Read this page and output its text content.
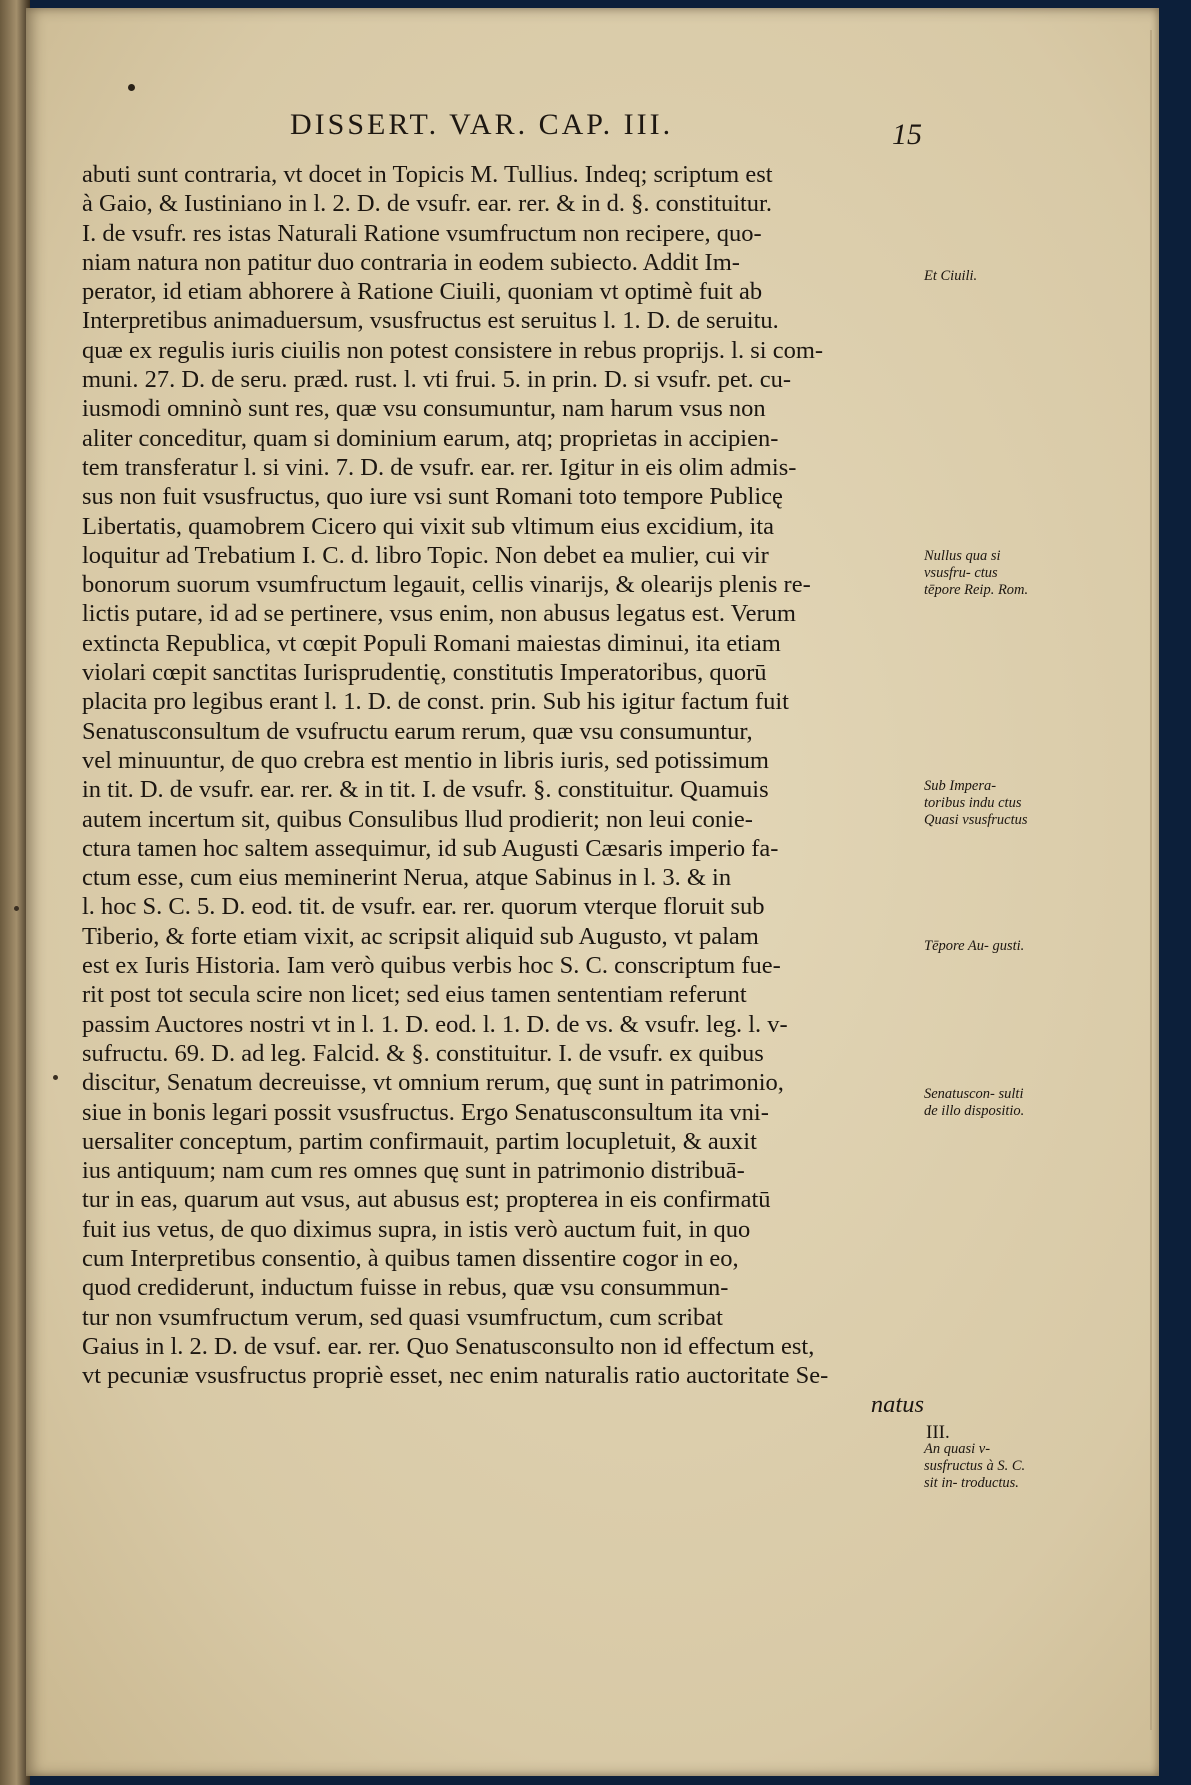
DISSERT. VAR. CAP. III.	15
abuti sunt contraria, vt docet in Topicis M. Tullius. Indeq; scriptum est
à Gaio, & Iustiniano in l. 2. D. de vsufr. ear. rer. & in d. §. constituitur.
I. de vsufr. res istas Naturali Ratione vsumfructum non recipere, quo-
niam natura non patitur duo contraria in eodem subiecto. Addit Im-
perator, id etiam abhorere à Ratione Ciuili, quoniam vt optimè fuit ab
Interpretibus animaduersum, vsusfructus est seruitus l. 1. D. de seruitu.
quæ ex regulis iuris ciuilis non potest consistere in rebus proprijs. l. si com-
muni. 27. D. de seru. præd. rust. l. vti frui. 5. in prin. D. si vsufr. pet. cu-
iusmodi omninò sunt res, quæ vsu consumuntur, nam harum vsus non
aliter conceditur, quam si dominium earum, atq; proprietas in accipien-
tem transferatur l. si vini. 7. D. de vsufr. ear. rer. Igitur in eis olim admis-
sus non fuit vsusfructus, quo iure vsi sunt Romani toto tempore Publicę
Libertatis, quamobrem Cicero qui vixit sub vltimum eius excidium, ita
loquitur ad Trebatium I. C. d. libro Topic. Non debet ea mulier, cui vir
bonorum suorum vsumfructum legauit, cellis vinarijs, & olearijs plenis re-
lictis putare, id ad se pertinere, vsus enim, non abusus legatus est. Verum
extincta Republica, vt cœpit Populi Romani maiestas diminui, ita etiam
violari cœpit sanctitas Iurisprudentię, constitutis Imperatoribus, quorū
placita pro legibus erant l. 1. D. de const. prin. Sub his igitur factum fuit
Senatusconsultum de vsufructu earum rerum, quæ vsu consumuntur,
vel minuuntur, de quo crebra est mentio in libris iuris, sed potissimum
in tit. D. de vsufr. ear. rer. & in tit. I. de vsufr. §. constituitur. Quamuis
autem incertum sit, quibus Consulibus llud prodierit; non leui conie-
ctura tamen hoc saltem assequimur, id sub Augusti Cæsaris imperio fa-
ctum esse, cum eius meminerint Nerua, atque Sabinus in l. 3. & in
l. hoc S. C. 5. D. eod. tit. de vsufr. ear. rer. quorum vterque floruit sub
Tiberio, & forte etiam vixit, ac scripsit aliquid sub Augusto, vt palam
est ex Iuris Historia. Iam verò quibus verbis hoc S. C. conscriptum fue-
rit post tot secula scire non licet; sed eius tamen sententiam referunt
passim Auctores nostri vt in l. 1. D. eod. l. 1. D. de vs. & vsufr. leg. l. v-
sufructu. 69. D. ad leg. Falcid. & §. constituitur. I. de vsufr. ex quibus
discitur, Senatum decreuisse, vt omnium rerum, quę sunt in patrimonio,
siue in bonis legari possit vsusfructus. Ergo Senatusconsultum ita vni-
uersaliter conceptum, partim confirmauit, partim locupletuit, & auxit
ius antiquum; nam cum res omnes quę sunt in patrimonio distribuā-
tur in eas, quarum aut vsus, aut abusus est; propterea in eis confirmatū
fuit ius vetus, de quo diximus supra, in istis verò auctum fuit, in quo
cum Interpretibus consentio, à quibus tamen dissentire cogor in eo,
quod crediderunt, inductum fuisse in rebus, quæ vsu consummun-
tur non vsumfructum verum, sed quasi vsumfructum, cum scribat
Gaius in l. 2. D. de vsuf. ear. rer. Quo Senatusconsulto non id effectum est,
vt pecuniæ vsusfructus propriè esset, nec enim naturalis ratio auctoritate Se-
natus
Et Ciuili.
Nullus qua si vsusfru- ctus tēpore Reip. Rom.
Sub Impera- toribus indu ctus Quasi vsusfructus
Tēpore Au- gusti.
Senatuscon- sulti de illo dispositio.
III.
An quasi v- susfructus à S. C. sit in- troductus.
